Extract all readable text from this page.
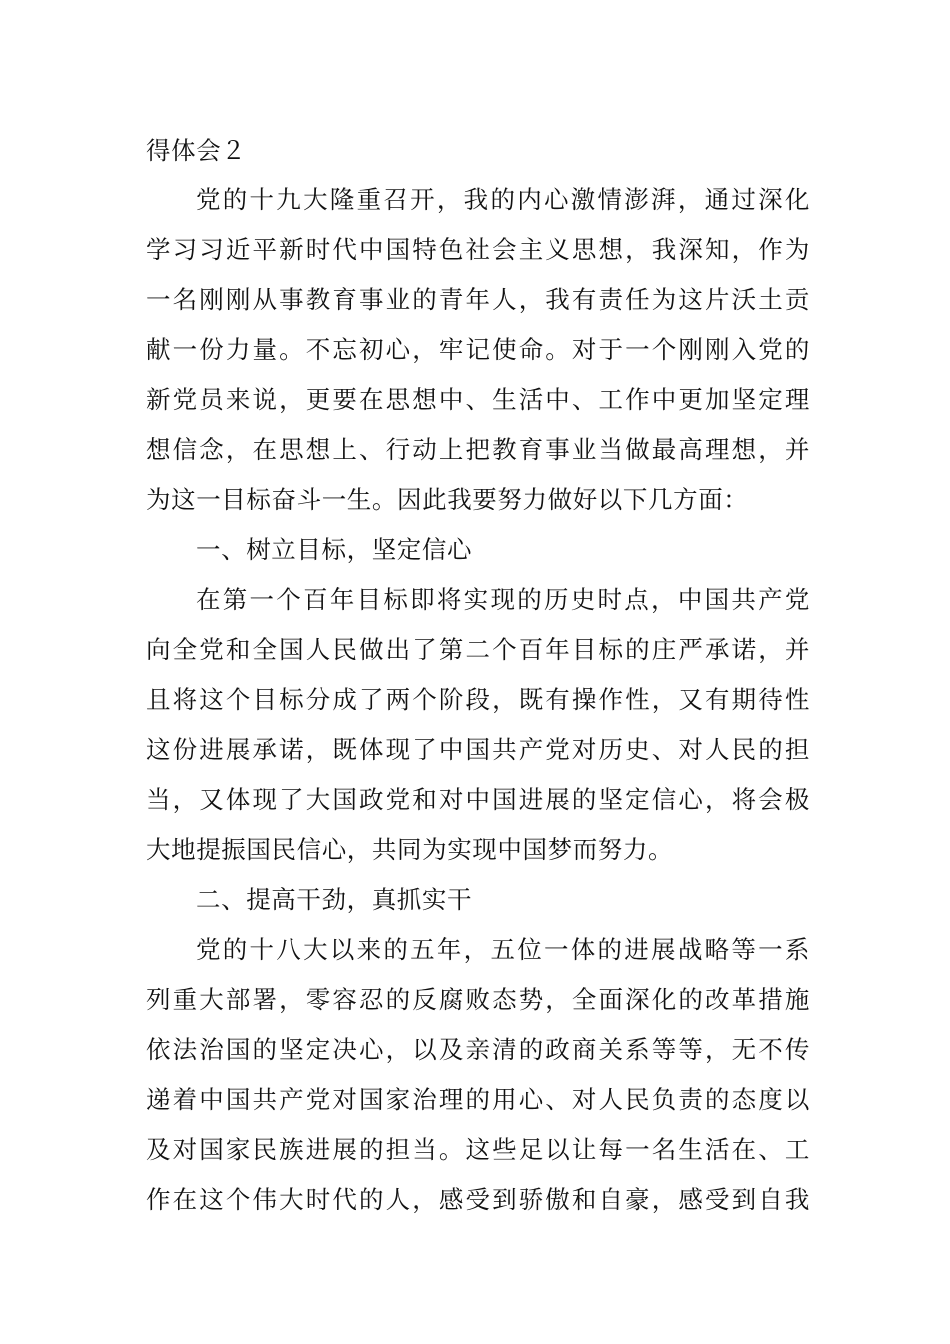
得体会２
党的十九大隆重召开，我的内心激情澎湃，通过深化
学习习近平新时代中国特色社会主义思想，我深知，作为
一名刚刚从事教育事业的青年人，我有责任为这片沃土贡
献一份力量。不忘初心，牢记使命。对于一个刚刚入党的
新党员来说，更要在思想中、生活中、工作中更加坚定理
想信念，在思想上、行动上把教育事业当做最高理想，并
为这一目标奋斗一生。因此我要努力做好以下几方面：
一、树立目标，坚定信心
在第一个百年目标即将实现的历史时点，中国共产党
向全党和全国人民做出了第二个百年目标的庄严承诺，并
且将这个目标分成了两个阶段，既有操作性，又有期待性
这份进展承诺，既体现了中国共产党对历史、对人民的担
当，又体现了大国政党和对中国进展的坚定信心，将会极
大地提振国民信心，共同为实现中国梦而努力。
二、提高干劲，真抓实干
党的十八大以来的五年，五位一体的进展战略等一系
列重大部署，零容忍的反腐败态势，全面深化的改革措施
依法治国的坚定决心，以及亲清的政商关系等等，无不传
递着中国共产党对国家治理的用心、对人民负责的态度以
及对国家民族进展的担当。这些足以让每一名生活在、工
作在这个伟大时代的人，感受到骄傲和自豪，感受到自我
